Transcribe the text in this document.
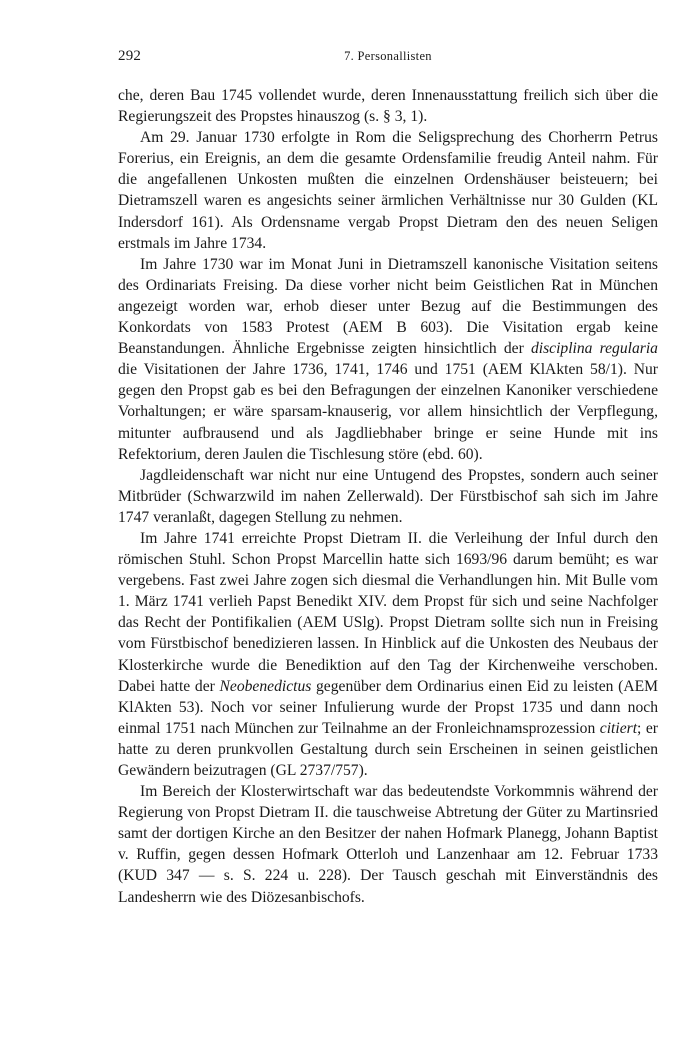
292	7. Personallisten

che, deren Bau 1745 vollendet wurde, deren Innenausstattung freilich sich über die Regierungszeit des Propstes hinauszog (s. § 3, 1).

Am 29. Januar 1730 erfolgte in Rom die Seligsprechung des Chorherrn Petrus Forerius, ein Ereignis, an dem die gesamte Ordensfamilie freudig Anteil nahm. Für die angefallenen Unkosten mußten die einzelnen Ordenshäuser beisteuern; bei Dietramszell waren es angesichts seiner ärmlichen Verhältnisse nur 30 Gulden (KL Indersdorf 161). Als Ordensname vergab Propst Dietram den des neuen Seligen erstmals im Jahre 1734.

Im Jahre 1730 war im Monat Juni in Dietramszell kanonische Visitation seitens des Ordinariats Freising. Da diese vorher nicht beim Geistlichen Rat in München angezeigt worden war, erhob dieser unter Bezug auf die Bestimmungen des Konkordats von 1583 Protest (AEM B 603). Die Visitation ergab keine Beanstandungen. Ähnliche Ergebnisse zeigten hinsichtlich der disciplina regularia die Visitationen der Jahre 1736, 1741, 1746 und 1751 (AEM KlAkten 58/1). Nur gegen den Propst gab es bei den Befragungen der einzelnen Kanoniker verschiedene Vorhaltungen; er wäre sparsam-knauserig, vor allem hinsichtlich der Verpflegung, mitunter aufbrausend und als Jagdliebhaber bringe er seine Hunde mit ins Refektorium, deren Jaulen die Tischlesung störe (ebd. 60).

Jagdleidenschaft war nicht nur eine Untugend des Propstes, sondern auch seiner Mitbrüder (Schwarzwild im nahen Zellerwald). Der Fürstbischof sah sich im Jahre 1747 veranlaßt, dagegen Stellung zu nehmen.

Im Jahre 1741 erreichte Propst Dietram II. die Verleihung der Inful durch den römischen Stuhl. Schon Propst Marcellin hatte sich 1693/96 darum bemüht; es war vergebens. Fast zwei Jahre zogen sich diesmal die Verhandlungen hin. Mit Bulle vom 1. März 1741 verlieh Papst Benedikt XIV. dem Propst für sich und seine Nachfolger das Recht der Pontifikalien (AEM USlg). Propst Dietram sollte sich nun in Freising vom Fürstbischof benedizieren lassen. In Hinblick auf die Unkosten des Neubaus der Klosterkirche wurde die Benediktion auf den Tag der Kirchenweihe verschoben. Dabei hatte der Neobenedictus gegenüber dem Ordinarius einen Eid zu leisten (AEM KlAkten 53). Noch vor seiner Infulierung wurde der Propst 1735 und dann noch einmal 1751 nach München zur Teilnahme an der Fronleichnamsprozession citiert; er hatte zu deren prunkvollen Gestaltung durch sein Erscheinen in seinen geistlichen Gewändern beizutragen (GL 2737/757).

Im Bereich der Klosterwirtschaft war das bedeutendste Vorkommnis während der Regierung von Propst Dietram II. die tauschweise Abtretung der Güter zu Martinsried samt der dortigen Kirche an den Besitzer der nahen Hofmark Planegg, Johann Baptist v. Ruffin, gegen dessen Hofmark Otterloh und Lanzenhaar am 12. Februar 1733 (KUD 347 — s. S. 224 u. 228). Der Tausch geschah mit Einverständnis des Landesherrn wie des Diözesanbischofs.
